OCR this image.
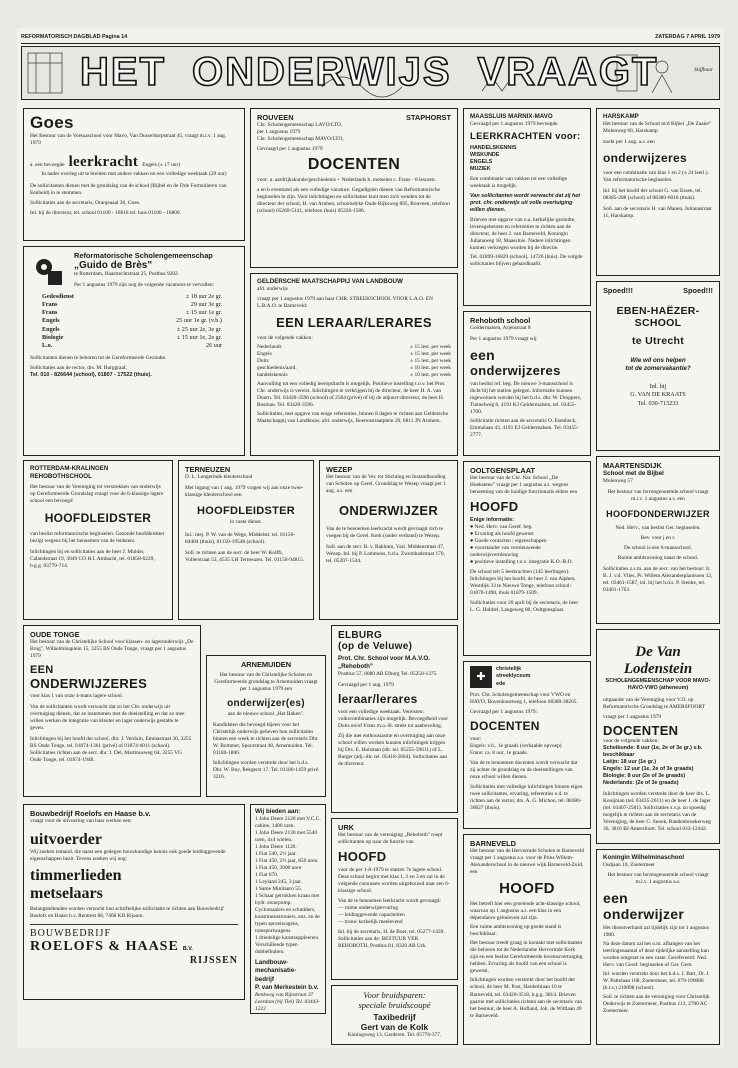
REFORMATORISCH DAGBLAD Pagina 14	ZATERDAG 7 APRIL 1979
HET ONDERWIJS VRAAGT	Stijfbuur
Goes
Het Bestuur van de Voetuaschool voor Mavo, Van Dusseldorpstraat 45, vraagt m.i.v. 1 aug. 1979
a. een bevoegde leerkracht Engels (± 17 uur)
In nader overleg uit te breiden met andere vakken tot een volledige weektaak (29 uur)
De sollicitanten dienen met de grondslag van de school (Bijbel en de Drie Formulieren van Eenheid) in te stemmen.
Sollicitaties aan de secretaris, Oranjeaaal 36, Goes.
Inl. bij de directeur, tel. school 01100 - 16818 tel. huis 01100 - 16800.
ROUVEEN	STAPHORST
Chr. Scholengemeenschap LAVO/LTO,
per 1 augustus 1979
Chr. Scholengemeenschap MAVO/LTO,
Gevraagd per 1 augustus 1979
DOCENTEN
voor: a. aardrijkskunde/geschiedenis + Nederlands b. metselen c. Frans - 8 lesuren.
a en b eventueel als een volledige vacature. Gegadigden dienen van Reformatorische beginselen te zijn. Voor inlichtingen en sollicitaties kunt men zich wenden tot de directeur der school, H. van Aruhen, schoolsdyke Oude Rijksweg 895, Rouveen, telefoon (school) 05269-5141, telefoon (huis) 05226-1586.
MAASSLUIS MARNIX-MAVO
Gevraagd per 1 augustus 1979 bevoegde
LEERKRACHTEN voor:
HANDELSKENNIS
WISKUNDE
ENGELS
MUZIEK
Een combinatie van vakken tot een volledige weektaak is mogelijk.
Van sollicitanten wordt verwacht dat zij het prot. chr. onderwijs uit volle overtuiging willen dienen.
Brieven met opgave van o.a. kerkelijke gezindte, levensgebeuren en referenties te richten aan de directeur, de heer J. van Barneveld, Koningin Julianaweg 18, Maassluis. Nadere inlichtingen kunnen verkregen worden bij de directie.
Tel. 01899-16829 (school), 14726 (huis). De volgde sollicitaties blijven gehandhaafd.
HARSKAMP
Het bestuur van de School m/d Bijbel „De Zaaier"
Molenweg 66, Harskamp
zoekt per 1 aug. a.s. een
onderwijzeres
voor een combinatie van klas 1 en 2 (± 24 leerl.). Van reformatorische beginselen.
Inl. bij het hoofd der school G. van Essen, tel. 08385-288 (school) of 08380-6018 (thuis).
Soll. aan de secretaris H. van Manen, Julianastraat 11, Harskamp.
Reformatorische Scholengemeenschap
„Guido de Brès"
te Rotterdam, Haastrechtstraat 25, Postbus 9202.
Per 1 augustus 1979 zijn nog de volgende vacatures te vervullen:
Gedesdienst	± 18 uur 2e gr.
Frans	29 uur 3e gr.
Frans	± 15 uur 1e gr.
Engels	25 uur 1e gr. (v.b.)
Engels	± 25 uur 2e, 3e gr.
Biologie	± 15 uur 1e, 2e gr.
L.o.	26 uur
Sollicitanten dienen te behoren tot de Gereformeerde Gezindte.
Sollicitaties aan de rector, drs. M. Burggraaf.
Tel. 010 - 826644 (school), 01807 - 17522 (thuis).
GELDERSCHE MAATSCHAPPIJ VAN LANDBOUW
afd. onderwijs
vraagt per 1 augustus 1979 aan haar CHR. STREEKSCHOOL VOOR L.A.O. EN L.B.A.O. te Barneveld:
EEN LERAAR/LERARES
voor de volgende vakken:
Nederlands	± 15 lest. per week
Engels	± 15 lest. per week
Duits	± 15 lest. per week
geschiedenis/aard.	± 10 lest. per week
handelskennis	± 10 lest. per week
Aanvulling tot een volledig leeropdracht is mogelijk. Positieve instelling t.o.v. het Prot. Chr. onderwijs is vereist. Inlichtingen te verkrijgen bij de directeur, de heer H. A. van Doorn. Tel. 03420-3596 (school) of 2584 (privé) of bij de adjunct-directeur, de heer H. Bosman. Tel. 03420-3596.
Sollicitaties, met opgave van enige referenties, binnen 8 dagen te richten aan Geldersche Maatschappij van Landbouw, afd. onderwijs, Boerenstraatplein 20, 6811 JN Arnhem.
Rehoboth school
Goldermalsen, Arjenstraat 8
Per 1 augustus 1979 vraagt wij
een
onderwijzeres
van beslist ref. beg. De nieuwe 3-mansschool is dicht bij het station gelegen. Informatie kunnen ingewonnen worden bij het h.d.s. dhr. W. Droppers, Tunnelweg 8, 4191 KJ Geldermalsen, tel. 03455-1700.
Sollicitatie richten aan de secretaris O. Esenbeck, Emmalaan 43, 4191 EJ Geldermalsen. Tel. 03455-2777.
Spoed!!!	Spoed!!!
EBEN-HAËZER-
SCHOOL
te Utrecht
Wie wil ons helpen
tot de zomervakantie?
Inl. bij
G. VAN DE KRAATS
Tel. 030-713233
ROTTERDAM-KRALINGEN REHOBOTHSCHOOL
Het bestuur van de Vereniging tot verstrekken van onderwijs op Gereformeerde Grondslag vraagt voor de 6-klassige lagere school een bevoegd
HOOFDLEIDSTER
van beslist reformatorische beginselen. Gezonde hoofdleidster bezigt wegens bij het benoemen van de leidsters.
Inlichtingen bij en sollicitaties aan de heer J. Mulder, Calandstraat 19, 3049 CO H.I. Ambacht, tel. 01858-6229, b.g.g. 03779-714.
TERNEUZEN
D. L. Lengerinde kleuterschool
Met ingang van 1 aug. 1979 vragen wij aan onze twee-klassige kleuterschool een
HOOFDLEIDSTER
in vaste dienst.
Inl.: mej. P. W. van de Wege, Middelstr. tel. 01150-84404 (thuis), 01150-19548 (school).
Soll. te richten aan de secr. de heer W. Kolffi, Vollerstraat 53, 4535 LH Terneuzen. Tel. 01150-94815.
WEZEP
Het bestuur van de Ver. tot Stichting en Instandhouding van Scholen op Gerel. Grondslag te Wezep vraagt per 1 aug. a.s. een
ONDERWIJZER
Van de te benoemen leerkracht wordt gevraagd zich te voegen bij de Gerel. Kerk (onder verband) te Wezep.
Soll. aan de secr. B. v. Bakhum, Vari. Middenstraat 47, Wezep. Inl. bij P. Lemmens, h.d.s. Zwembadstraat 170, tel. 05207-1544.
OOLTGENSPLAAT
Het bestuur van de Chr. Nat. School „De Hoekstene" vraagt per 1 augustus a.s. wegens benoeming van de huidige functionaris elders een
HOOFD
Enige informatie:
● Ned. Herv. van Geref. beg.
● Ervaring als hoofd gewenst
● Goede contacten / eigenschappen
● voorstander van vernieuwende onderwijsvernieuwing
● positieve instelling t.o.v. integratie K.O.-B.O.
De school telt 5 leerkrachten (145 leerlingen). Inlichtingen bij het hoofd, de heer J. van Alphen, Westdijk 33 te Nieuwe Tonge, telefoon school: 01870-1490, thuis 01879-1509.
Sollicitaties voor 20 april bij de secretaris, de heer L. G. Hobbel, Langeweg 80, Ooltgensplaat.
MAARTENSDIJK
School met de Bijbel
Molenweg 57
Het bestuur van bovengenoemde school vraagt m.i.v. 1 augustus a.s. een
HOOFDONDERWIJZER
Ned. Herv., van beslist Ger. beginselen.
Bev. voor j.en r.
De school is een 6-mansschool.
Ruime ambtswoning naast de school.
Sollicitaties z.s.m. aan de secr. van het bestuur: Ir. B. J. v.d. Vlies, Pr. Willem Alexanderplantsoen 12, tel. 03461-1587, inl. bij het h.d.s. P. Stenke, tel. 03461-1763.
OUDE TONGE
Het bestuur van de Christelijke School voor klassen- en lageronderwijs „De Brug", Wilhelminaplein 15, 3255 BS Oude Tonge, vraagt per 1 augustus 1979
EEN
ONDERWIJZERES
voor klas 1 van onze 4-mans lagere school.
Van de sollicitanten wordt verwacht dat zo het Chr. onderwijs uit overtuiging dienen, dat ze instemmen met de doelstelling en dat zo mee willen werken de integratie van kleuter en lager onderwijs gestalte te geven.
Inlichtingen bij het hoofd der school, dhr. J. Verduin, Emmastraat 30, 3255 BS Oude Tonge, tel. 01874-1361 (privé) of 01874-6011 (school). Sollicitaties richten aan de secr. dhr. J. Del, Martinusweg 64, 3255 VG Oude Tonge, tel. 01874-1948.
ARNEMUIDEN
Het bestuur van de Christelijke Scholen en Gereformeerde grondslag te Arnemuiden vraagt per 1 augustus 1979 een
onderwijzer(es)
aan de nieuwe school „Het Baken".
Kandidaten die bevoegd bijeen voor het Christelijk onderwijs gelieven hun sollicitaties binnen een week te richten aan de secretaris Dhr. W. Bommer, Spoorstraat 48, Arnemuiden. Tel. 01180-1806.
Inlichtingen worden verstrekt door het h.d.s. Dhr. W. Buy, Rekgerst 17. Tel. 01180-1459 privé 3216.
ELBURG
(op de Veluwe)
Prot. Chr. School voor M.A.V.O. „Rehoboth"
Postbus 57, 8080 AB Elburg Tel. 05250-1375.
Gevraagd per 1 aug. 1979
leraar/lerares
voor een volledige weektaak. Vereisten: volkscombinaties zijn mogelijk. Bevoegdheid voor Duits en/of Frans m.o.-B. strekt tot aanbeveling.
Zij die met enthousiasme en overtuiging aan onze school willen werken kunnen inlichtingen krijgen bij Drs. E. Hulsman (dir. tel. 05255-59611) of L. Burger (adj.-dir. tel. 05418-2664). Sollicitaties aan de directeur.
✚
christelijk
streeklyceum
ede
Prot. Chr. Scholengemeenschap voor VWO en HAVO, Bovenbuurtweg 1, telefoon 08380-38205.
Gevraagd per 1 augustus 1979:
DOCENTEN
voor:
Engels: v.b., 1e graads (verhaalde opvoep)
Frans: ca. 8 uur, 1e graads.
Van de te benoemen docenten wordt verwacht dat zij achter de grondslag en de doelstellingen van onze school willen dienen.
Sollicitaties met volledige inlichtingen binnen eigen twee sollicitantes, ervaring, referenties e.d. te richten aan de rector, drs. A. G. Michon, tel. 08380-36827 (thuis).
De Van Lodenstein
SCHOLENGEMEENSCHAP VOOR MAVO-HAVO-VWO (atheneum)
uitgaande van de Vereniging voor V.O. op Reformatorische Grondslag te AMERSFOORT
vraagt per 1 augustus 1979
DOCENTEN
voor de volgende vakken:
Scheikunde: 8 uur (1e, 2e of 3e gr.) v.b. beschikbaar
Latijn: 18 uur (1e gr.)
Engels: 12 uur (1e, 2e of 3e graads)
Biologie: 8 uur (2e of 3e graads)
Nederlands: (2e of 3e graads)
Inlichtingen worden verstrekt door de heer drs. L. Kooijman (tel. 03435-2611) en de heer J. de Jager (tel. 03407-2581). Sollicitaties s.v.p. zo spoedig mogelijk te richten aan de secretaris van de Vereniging, de heer C. Snoek, Randenbroekerweg 36, 3816 BJ Amersfoort. Tel. school 033-12442.
Bouwbedrijf Roelofs en Haase b.v.
vraagt voor de uitvoering van haar werken een:
uitvoerder
Wij zoeken iemand, die naast een gedegen bouwkundige kennis ook goede leidinggevende eigenschappen bezit. Tevens zoeken wij nog:
timmerlieden
metselaars
Belangstellenden worden verzocht hun schriftelijke sollicitatie te richten aan Bouwbedrijf Roelofs en Haase b.v. Rentrest 88, 7468 KB Rijssen.
BOUWBEDRIJF
ROELOFS & HAASE B.V.
RIJSSEN
Wij bieden aan:
1 John Deere 2120 met V.C.C. cabine, 1400 uren.
1 John Deere 2130 met 5540 uren, 4x4 wielen.
1 John Deere 1120.
1 Fiat 540, 2½ jaar.
1 Fiat 450, 2½ jaar, 850 uren.
1 Fiat 450, 3000 uren
1 Fiat 670.
1 Leyland 245, 3 jaar.
1 Same Minitauro 55.
1 Schaar getrokken kraan met hydr. stuurpomp.
Cyclomaaiers en schudders, kunstmeststrooiers, enz. en de typen sproeiwagens, transportwagens.
1 driedelige kunstsuppleerers.
Verschillende typen dubbelbulten.
Landbouw-
mechanisatie-
bedrijf
P. van Merkestein b.v.
Renkweg van Rijnstraat 37 Leerdam (bij Tiel) Tel. 03443-1222
URK
Het bestuur van de vereniging „Rehoboth" roept sollicitanten op naar de functie van
HOOFD
voor de per 1-8-1979 te starten 7e lagere school. Deze school begint met klas 1, 2 en 3 en zal in de volgende cursussen worden uitgebouwd naar een 6-klassige school.
Van de te benoemen leerkracht wordt gevraagd:
— ruime onderwijservaring
— leidinggevende capaciteiten
— trouw kerkelijk meelevend
Inl. bij de secretaris, H. de Boer, tel. 05277-1439. Sollicitaties aan de: BESTUUR VER. REHOBOTH, Postbus 81, 8320 AB Urk.
Voor bruidsparen:
speciale bruidscoupé
Taxibedrijf
Gert van de Kolk
Koningsweg 13, Garderen. Tel. 05776-377.
BARNEVELD
Het bestuur van de Hervormde Scholen te Barneveld vraagt per 1 augustus a.s. voor de Prins Willem-Alexanderschool in de nieuwe wijk Barneveld-Zuid, een
HOOFD
Het betreft hier een groeiende acht-klassige school, waarvan op 1 augustus a.s. een klas in een dépendance gehuisvest zal zijn.
Een ruime ambtswoning op goede stand is beschikbaar.
Het bestuur treedt graag in kontakt met sollicitanten die behoren tot de Nederlandse Hervormde Kerk zijn en een beslist Gereformeerde levensovertuiging hebben. Ervaring als hoofd van een school is gewenst.
Inlichtingen worden verstrekt door het hoofd der school, de heer M. Post, Harderhlaan 10 te Barneveld, tel. 03420-3518, b.g.g. 3814. Brieven gaarne met sollicitaties richten aan de secretaris van het bestuur, de heer A. Hofland, Joh. de Wittlaan 49 te Barneveld.
Koningin Wilhelminaschool
Osdjaan 10, Zoetermeer
Het bestuur van bovengenoemde school vraagt m.i.v. 1 augustus a.s.
een
onderwijzer
Het dienstverband zal tijdelijk zijn tot 1 augustus 1980.
Na deze datum zal het o.m. afhangen van het leerlingenaantal of deze tijdelijke aanstelling kan worden omgezet in een vaste. Gerefereerd: Ned. Herv. van Geref. beginselen of Ger. Gem.
Inl. worden verstrekt door het h.d.s. J. Bart, Dr. J. W. Paltelaan 168, Zoetermeer, tel. 079-190080 (h.t.s.) 210098 (school).
Soll. te richten aan de vereniging voor Christelijk Onderwijs te Zoetermeer, Postbus 113, 2700 AC Zoetermeer.
